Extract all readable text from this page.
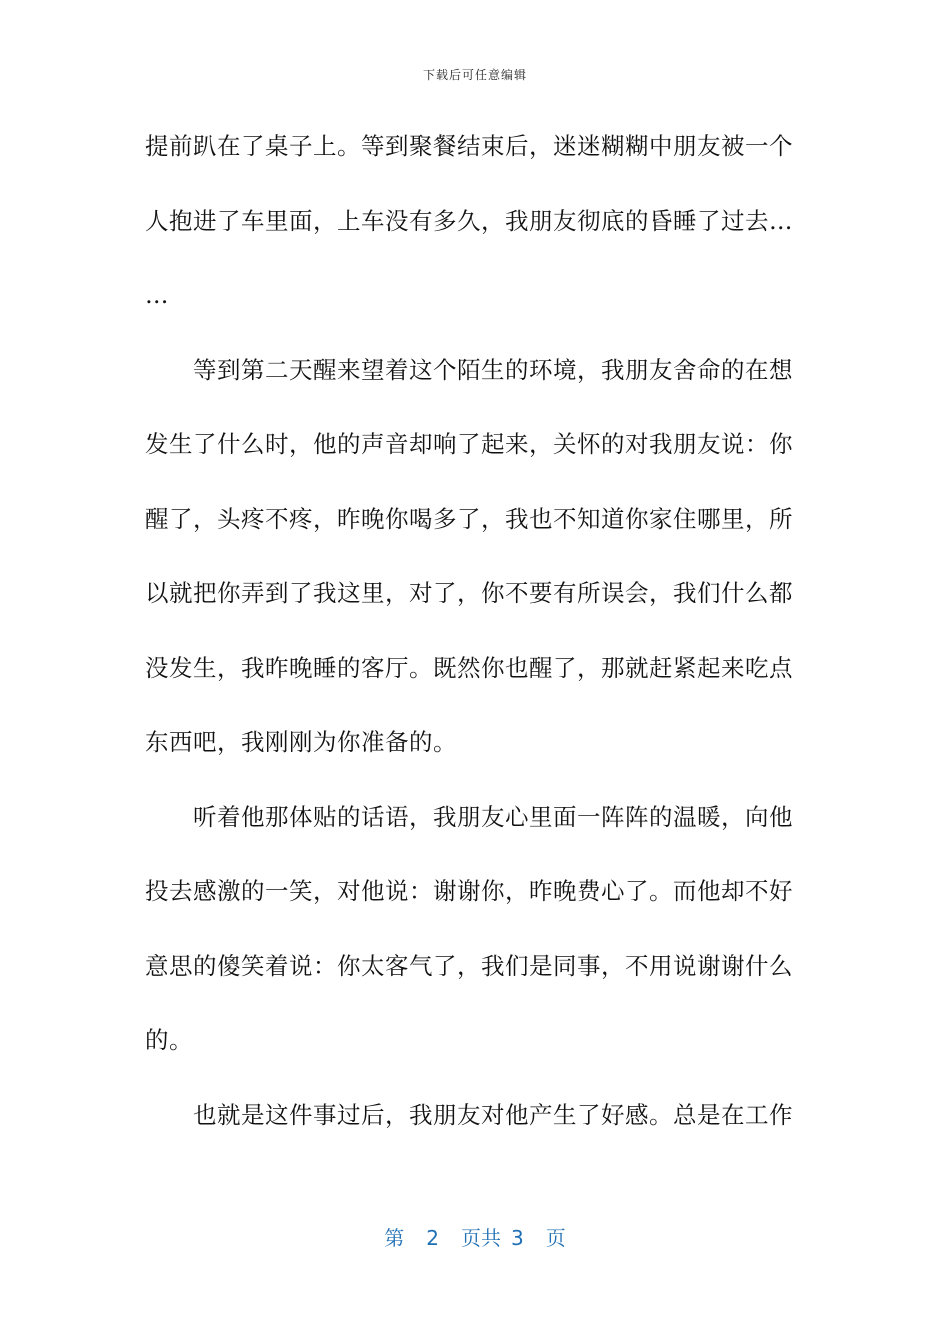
下载后可任意编辑
提前趴在了桌子上。等到聚餐结束后，迷迷糊糊中朋友被一个
人抱进了车里面，上车没有多久，我朋友彻底的昏睡了过去…
…
等到第二天醒来望着这个陌生的环境，我朋友舍命的在想
发生了什么时，他的声音却响了起来，关怀的对我朋友说：你
醒了，头疼不疼，昨晚你喝多了，我也不知道你家住哪里，所
以就把你弄到了我这里，对了，你不要有所误会，我们什么都
没发生，我昨晚睡的客厅。既然你也醒了，那就赶紧起来吃点
东西吧，我刚刚为你准备的。
听着他那体贴的话语，我朋友心里面一阵阵的温暖，向他
投去感激的一笑，对他说：谢谢你，昨晚费心了。而他却不好
意思的傻笑着说：你太客气了，我们是同事，不用说谢谢什么
的。
也就是这件事过后，我朋友对他产生了好感。总是在工作
第 2 页共 3 页
